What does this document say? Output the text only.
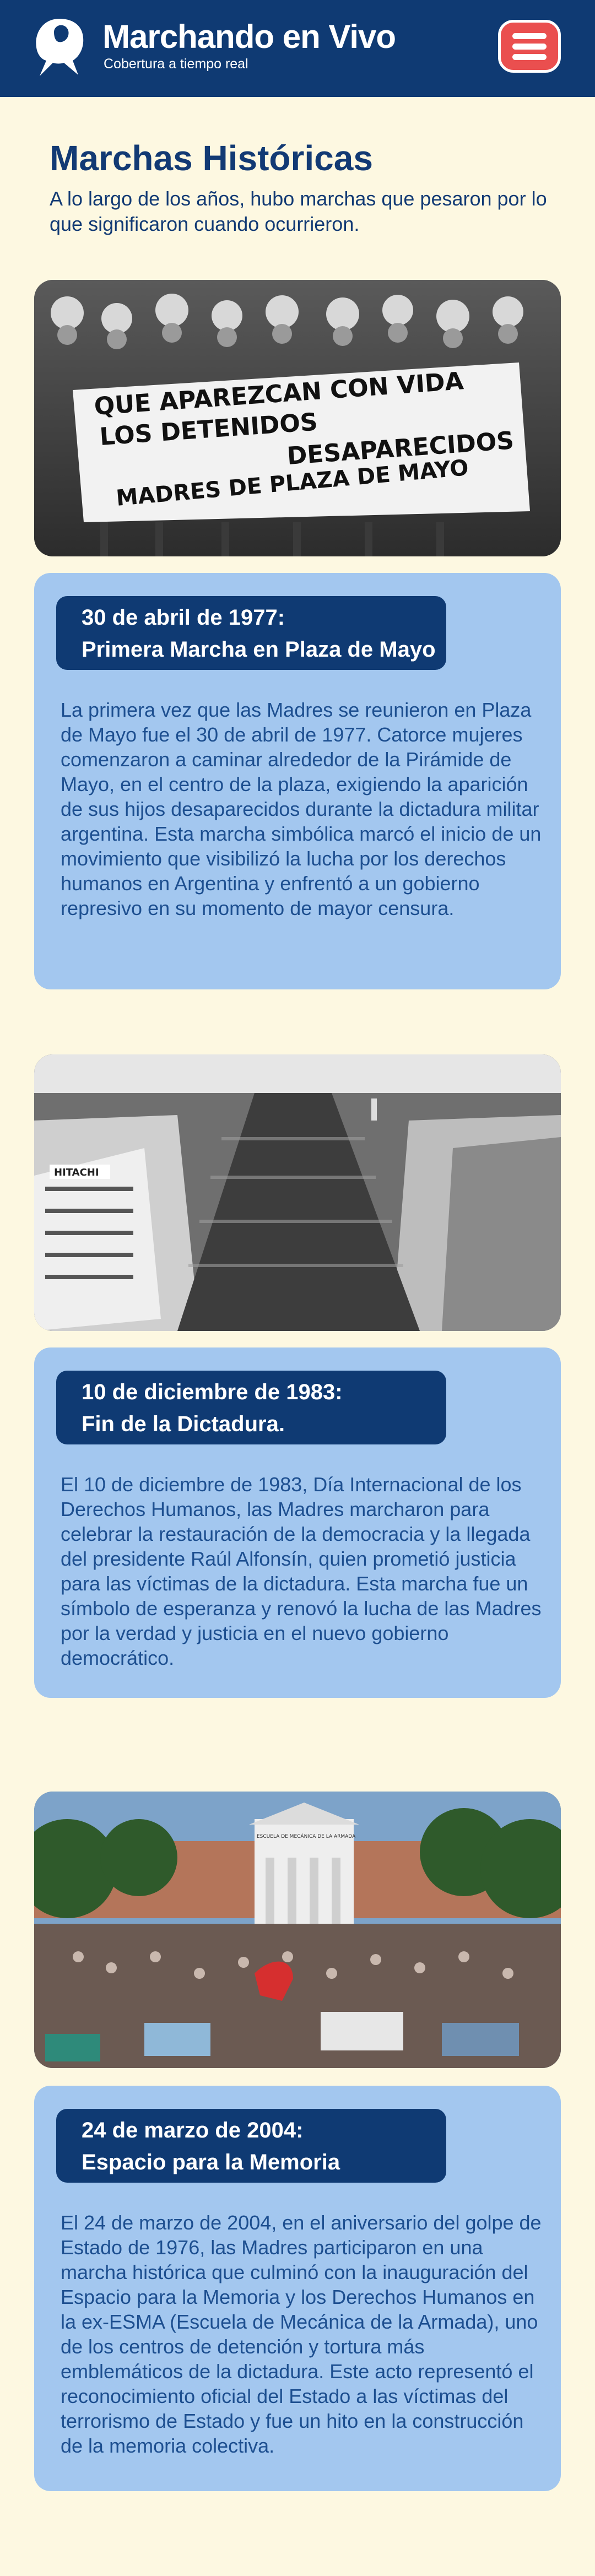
Marchando en Vivo
Cobertura a tiempo real
Marchas Históricas

A lo largo de los años, hubo marchas que pesaron por lo que significaron cuando ocurrieron.

QUE APAREZCAN CON VIDA
LOS DETENIDOS
DESAPARECIDOS
MADRES DE PLAZA DE MAYO
30 de abril de 1977:
Primera Marcha en Plaza de Mayo

La primera vez que las Madres se reunieron en Plaza de Mayo fue el 30 de abril de 1977. Catorce mujeres comenzaron a caminar alrededor de la Pirámide de Mayo, en el centro de la plaza, exigiendo la aparición de sus hijos desaparecidos durante la dictadura militar argentina. Esta marcha simbólica marcó el inicio de un movimiento que visibilizó la lucha por los derechos humanos en Argentina y enfrentó a un gobierno represivo en su momento de mayor censura.

HITACHI
10 de diciembre de 1983:
Fin de la Dictadura.

El 10 de diciembre de 1983, Día Internacional de los Derechos Humanos, las Madres marcharon para celebrar la restauración de la democracia y la llegada del presidente Raúl Alfonsín, quien prometió justicia para las víctimas de la dictadura. Esta marcha fue un símbolo de esperanza y renovó la lucha de las Madres por la verdad y justicia en el nuevo gobierno democrático.

ESCUELA DE MECÁNICA DE LA ARMADA
24 de marzo de 2004:
Espacio para la Memoria

El 24 de marzo de 2004, en el aniversario del golpe de Estado de 1976, las Madres participaron en una marcha histórica que culminó con la inauguración del Espacio para la Memoria y los Derechos Humanos en la ex-ESMA (Escuela de Mecánica de la Armada), uno de los centros de detención y tortura más emblemáticos de la dictadura. Este acto representó el reconocimiento oficial del Estado a las víctimas del terrorismo de Estado y fue un hito en la construcción de la memoria colectiva.
